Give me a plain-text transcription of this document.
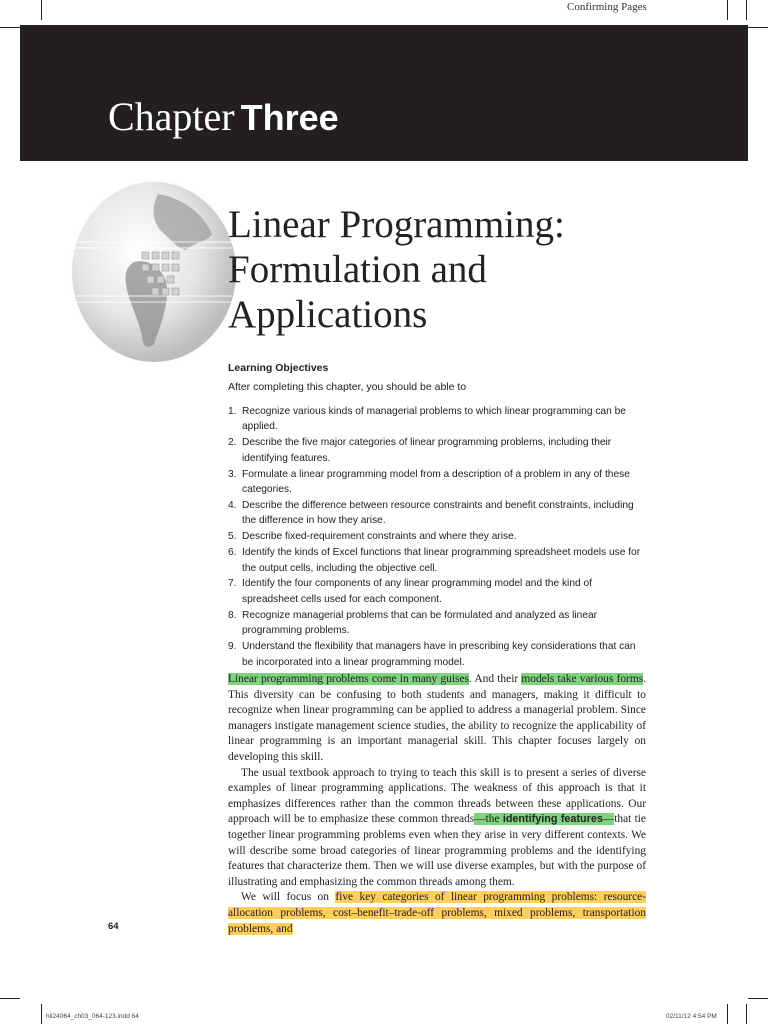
Confirming Pages
Chapter Three
Linear Programming:
Formulation and
Applications
Learning Objectives
After completing this chapter, you should be able to
1. Recognize various kinds of managerial problems to which linear programming can be applied.
2. Describe the five major categories of linear programming problems, including their identifying features.
3. Formulate a linear programming model from a description of a problem in any of these categories.
4. Describe the difference between resource constraints and benefit constraints, including the difference in how they arise.
5. Describe fixed-requirement constraints and where they arise.
6. Identify the kinds of Excel functions that linear programming spreadsheet models use for the output cells, including the objective cell.
7. Identify the four components of any linear programming model and the kind of spreadsheet cells used for each component.
8. Recognize managerial problems that can be formulated and analyzed as linear programming problems.
9. Understand the flexibility that managers have in prescribing key considerations that can be incorporated into a linear programming model.

Linear programming problems come in many guises. And their models take various forms. This diversity can be confusing to both students and managers, making it difficult to recognize when linear programming can be applied to address a managerial problem. Since managers instigate management science studies, the ability to recognize the applicability of linear programming is an important managerial skill. This chapter focuses largely on developing this skill.

The usual textbook approach to trying to teach this skill is to present a series of diverse examples of linear programming applications. The weakness of this approach is that it emphasizes differences rather than the common threads between these applications. Our approach will be to emphasize these common threads—the identifying features—that tie together linear programming problems even when they arise in very different contexts. We will describe some broad categories of linear programming problems and the identifying features that characterize them. Then we will use diverse examples, but with the purpose of illustrating and emphasizing the common threads among them.

We will focus on five key categories of linear programming problems: resource-allocation problems, cost–benefit–trade-off problems, mixed problems, transportation problems, and

64
hil24064_ch03_064-123.indd 64	02/11/12 4:54 PM
